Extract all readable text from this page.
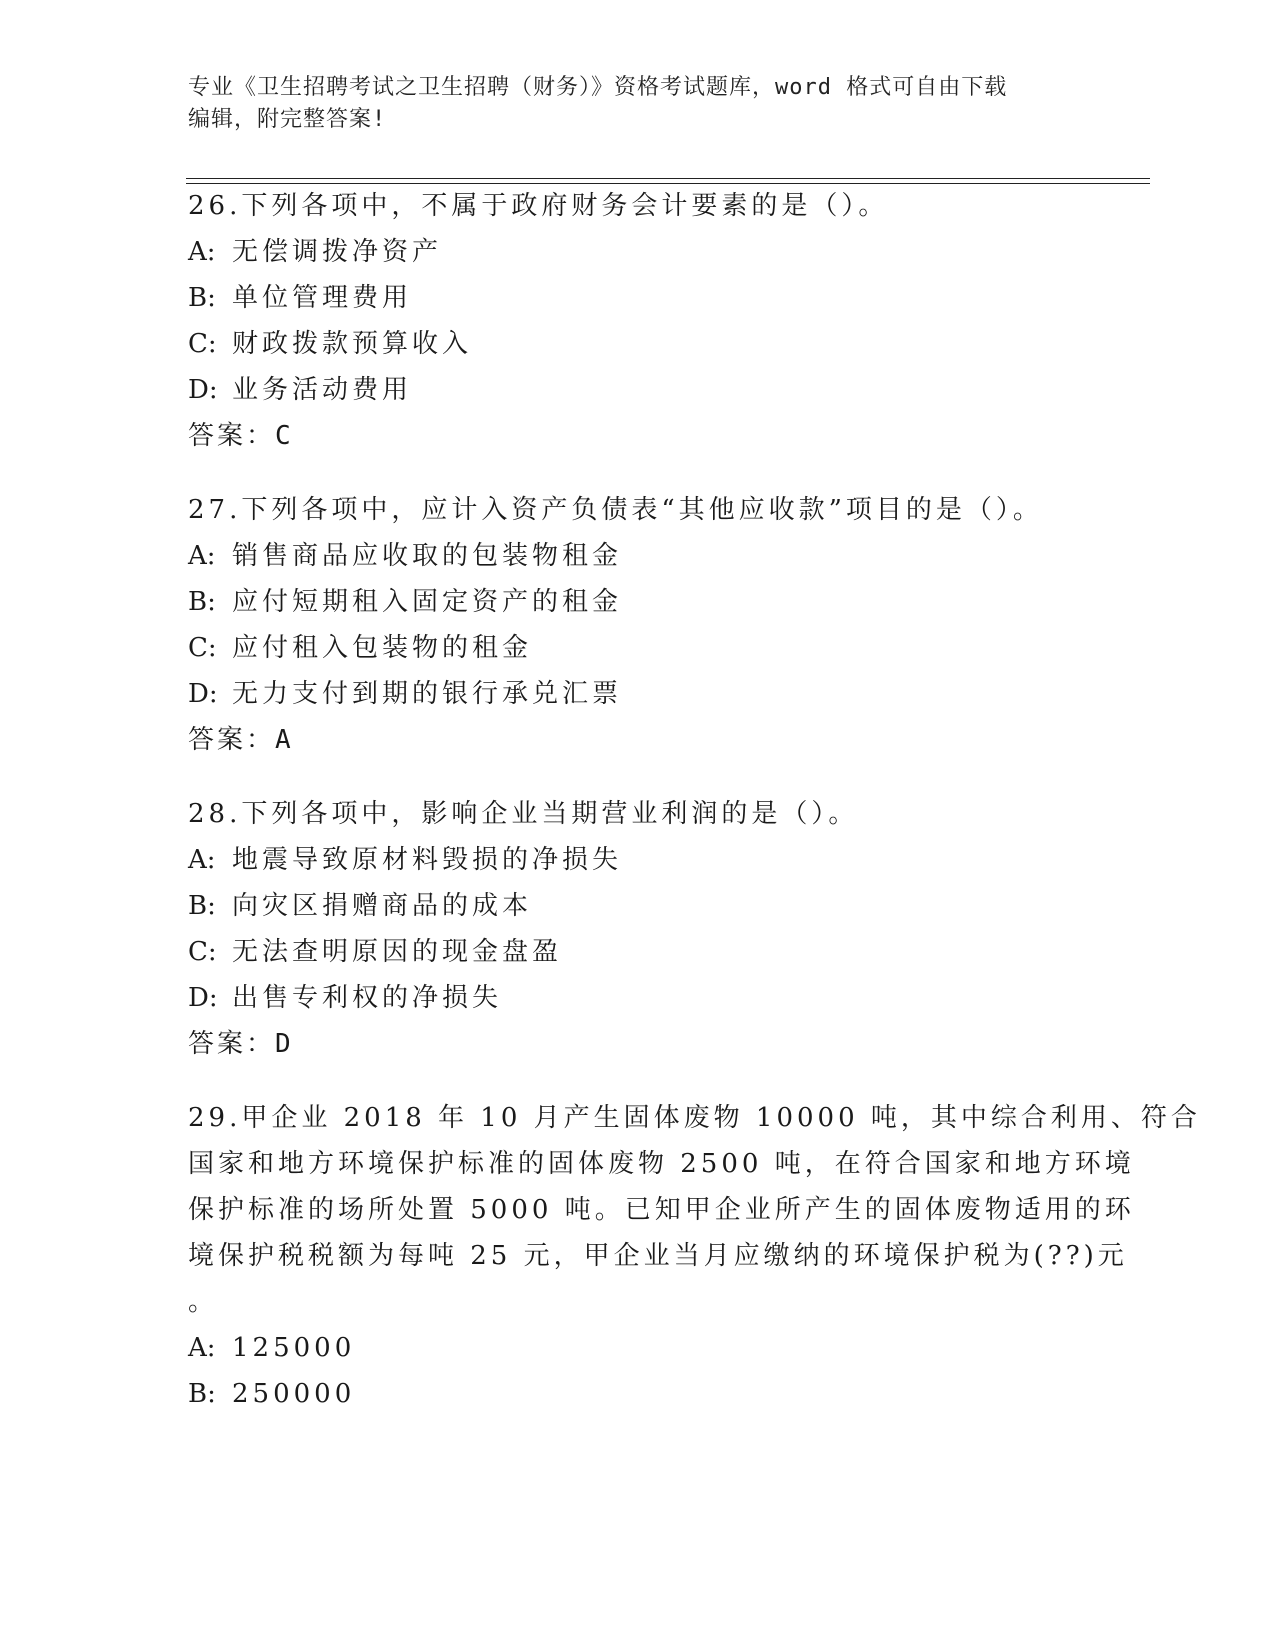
专业《卫生招聘考试之卫生招聘（财务）》资格考试题库，word 格式可自由下载
编辑，附完整答案!
26.下列各项中，不属于政府财务会计要素的是（）。
A: 无偿调拨净资产
B: 单位管理费用
C: 财政拨款预算收入
D: 业务活动费用
答案：C
27.下列各项中，应计入资产负债表“其他应收款”项目的是（）。
A: 销售商品应收取的包装物租金
B: 应付短期租入固定资产的租金
C: 应付租入包装物的租金
D: 无力支付到期的银行承兑汇票
答案：A
28.下列各项中，影响企业当期营业利润的是（）。
A: 地震导致原材料毁损的净损失
B: 向灾区捐赠商品的成本
C: 无法查明原因的现金盘盈
D: 出售专利权的净损失
答案：D
29.甲企业 2018 年 10 月产生固体废物 10000 吨，其中综合利用、符合
国家和地方环境保护标准的固体废物 2500 吨，在符合国家和地方环境
保护标准的场所处置 5000 吨。已知甲企业所产生的固体废物适用的环
境保护税税额为每吨 25 元，甲企业当月应缴纳的环境保护税为(??)元
。
A: 125000
B: 250000
